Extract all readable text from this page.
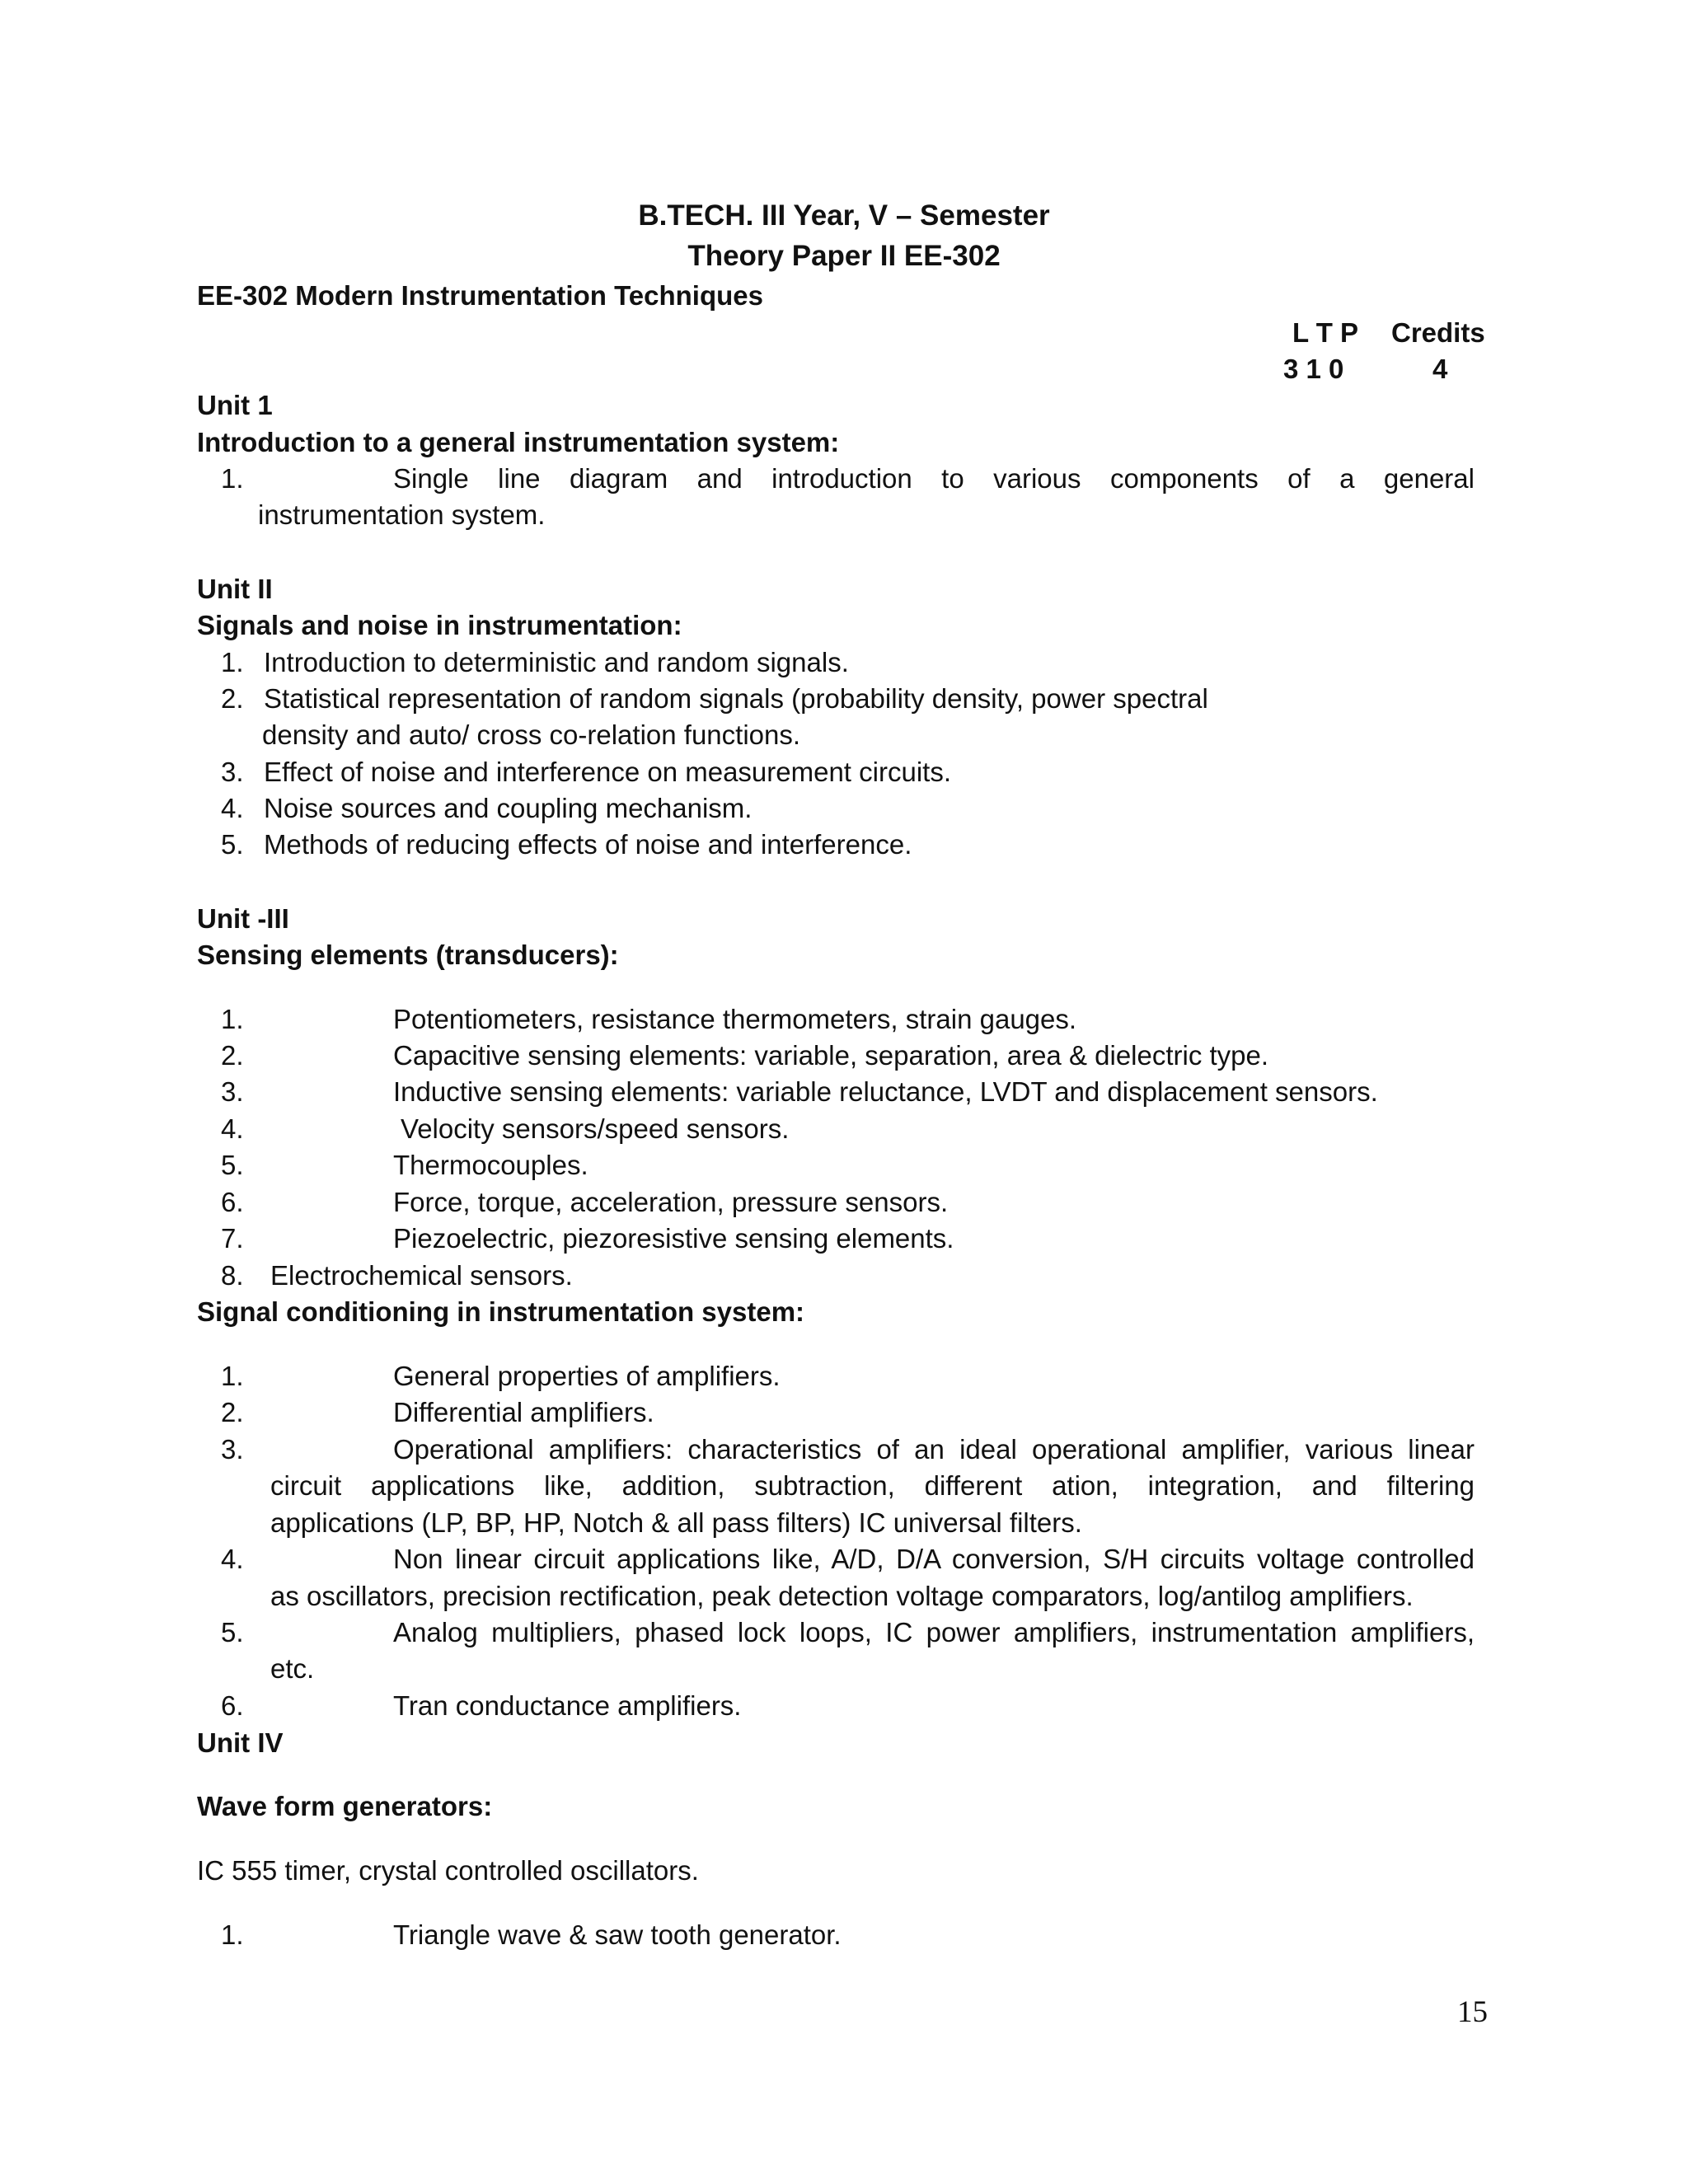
B.TECH. III Year, V – Semester
Theory Paper II EE-302
EE-302 Modern Instrumentation Techniques
L T P Credits
3 1 0	4
Unit 1
Introduction to a general instrumentation system:
1.	Single line diagram and introduction to various components of a general
instrumentation system.
Unit II
Signals and noise in instrumentation:
1. Introduction to deterministic and random signals.
2. Statistical representation of random signals (probability density, power spectral
density and auto/ cross co-relation functions.
3. Effect of noise and interference on measurement circuits.
4. Noise sources and coupling mechanism.
5. Methods of reducing effects of noise and interference.
Unit -III
Sensing elements (transducers):
1.	Potentiometers, resistance thermometers, strain gauges.
2.	Capacitive sensing elements: variable, separation, area & dielectric type.
3.	Inductive sensing elements: variable reluctance, LVDT and displacement sensors.
4.	Velocity sensors/speed sensors.
5.	Thermocouples.
6.	Force, torque, acceleration, pressure sensors.
7.	Piezoelectric, piezoresistive sensing elements.
8. Electrochemical sensors.
Signal conditioning in instrumentation system:
1.	General properties of amplifiers.
2.	Differential amplifiers.
3.	Operational amplifiers: characteristics of an ideal operational amplifier, various linear
circuit applications like, addition, subtraction, different ation, integration, and filtering
applications (LP, BP, HP, Notch & all pass filters) IC universal filters.
4.	Non linear circuit applications like, A/D, D/A conversion, S/H circuits voltage controlled
as oscillators, precision rectification, peak detection voltage comparators, log/antilog amplifiers.
5.	Analog multipliers, phased lock loops, IC power amplifiers, instrumentation amplifiers,
etc.
6.	Tran conductance amplifiers.
Unit IV
Wave form generators:
IC 555 timer, crystal controlled oscillators.
1.	Triangle wave & saw tooth generator.
15
